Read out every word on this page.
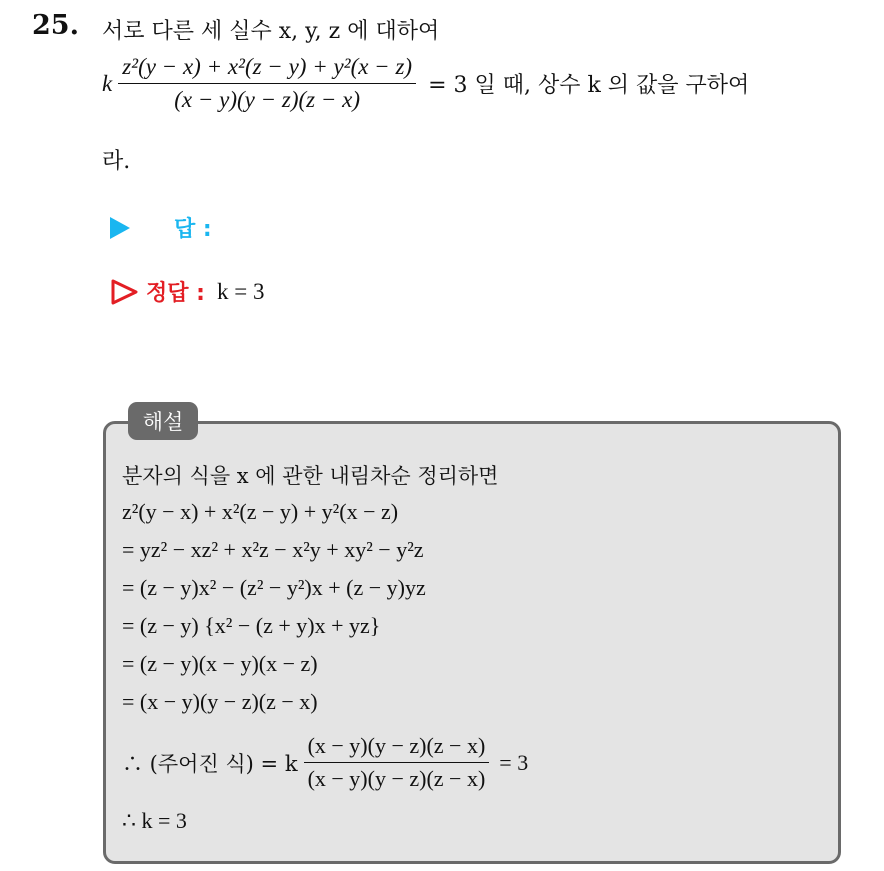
25. 서로 다른 세 실수 x, y, z 에 대하여
k $\frac{\text{z²(y − x) + x²(z − y) + y²(x − z)}}{(x - y)(y - z)(z - x)} = 3$ 일 때, 상수 k 의 값을 구하여
라.
답 :
정답 : k = 3
해설
분자의 식을 x 에 관한 내림차순 정리하면
z²(y − x) + x²(z − y) + y²(x − z)
= yz² − xz² + x²z − x²y + xy² − y²z
= (z − y)x² − (z² − y²)x + (z − y)yz
= (z − y) {x² − (z + y)x + yz}
= (z − y)(x − y)(x − z)
= (x − y)(y − z)(z − x)
∴ (주어진 식) = k $\frac{(x - y)(y - z)(z - x)}{(x - y)(y - z)(z - x)} = 3$
∴ k = 3
